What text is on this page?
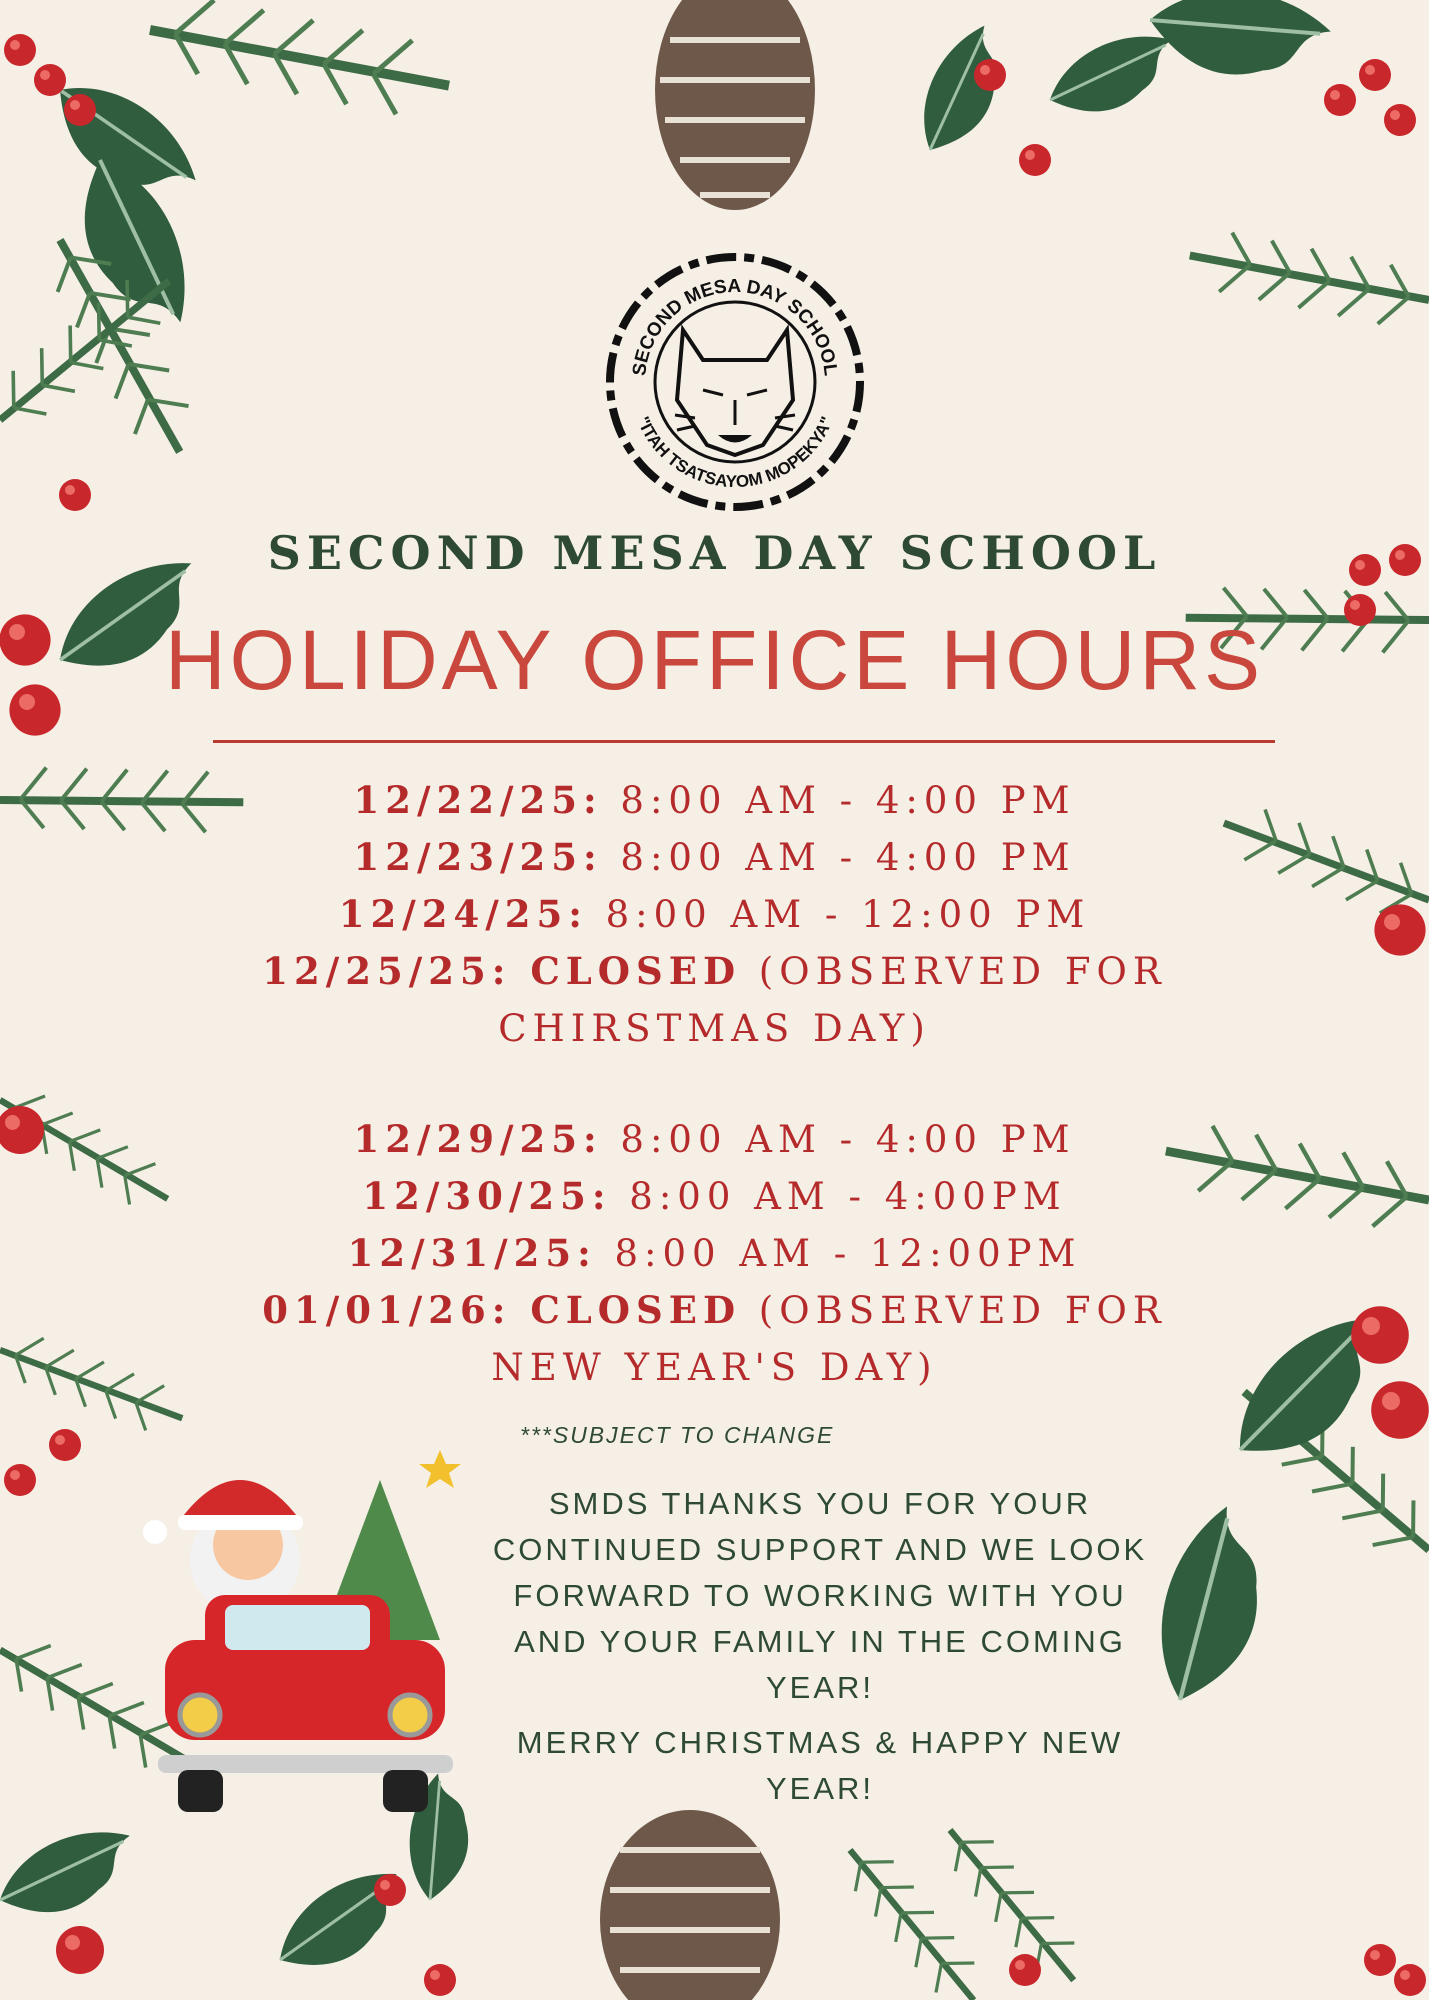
SECOND MESA DAY SCHOOL
"ITAH TSATSAYOM MOPEKYA"
SECOND MESA DAY SCHOOL
HOLIDAY OFFICE HOURS
12/22/25: 8:00 AM - 4:00 PM
12/23/25: 8:00 AM - 4:00 PM
12/24/25: 8:00 AM - 12:00 PM
12/25/25: CLOSED (OBSERVED FOR
CHIRSTMAS DAY)
12/29/25: 8:00 AM - 4:00 PM
12/30/25: 8:00 AM - 4:00PM
12/31/25: 8:00 AM - 12:00PM
01/01/26: CLOSED (OBSERVED FOR
NEW YEAR'S DAY)
***SUBJECT TO CHANGE
SMDS THANKS YOU FOR YOUR
CONTINUED SUPPORT AND WE LOOK
FORWARD TO WORKING WITH YOU
AND YOUR FAMILY IN THE COMING
YEAR!
MERRY CHRISTMAS & HAPPY NEW
YEAR!
